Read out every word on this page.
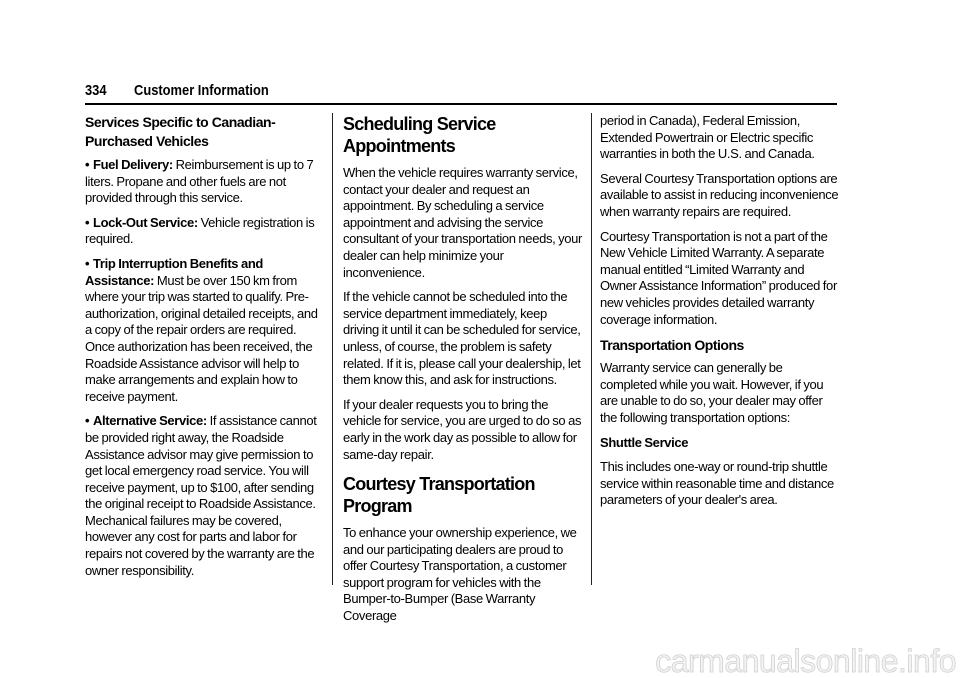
334 Customer Information
Services Specific to Canadian-Purchased Vehicles
• Fuel Delivery: Reimbursement is up to 7 liters. Propane and other fuels are not provided through this service.
• Lock-Out Service: Vehicle registration is required.
• Trip Interruption Benefits and Assistance: Must be over 150 km from where your trip was started to qualify. Pre-authorization, original detailed receipts, and a copy of the repair orders are required. Once authorization has been received, the Roadside Assistance advisor will help to make arrangements and explain how to receive payment.
• Alternative Service: If assistance cannot be provided right away, the Roadside Assistance advisor may give permission to get local emergency road service. You will receive payment, up to $100, after sending the original receipt to Roadside Assistance. Mechanical failures may be covered, however any cost for parts and labor for repairs not covered by the warranty are the owner responsibility.
Scheduling Service Appointments

When the vehicle requires warranty service, contact your dealer and request an appointment. By scheduling a service appointment and advising the service consultant of your transportation needs, your dealer can help minimize your inconvenience.

If the vehicle cannot be scheduled into the service department immediately, keep driving it until it can be scheduled for service, unless, of course, the problem is safety related. If it is, please call your dealership, let them know this, and ask for instructions.

If your dealer requests you to bring the vehicle for service, you are urged to do so as early in the work day as possible to allow for same-day repair.

Courtesy Transportation Program

To enhance your ownership experience, we and our participating dealers are proud to offer Courtesy Transportation, a customer support program for vehicles with the Bumper-to-Bumper (Base Warranty Coverage

period in Canada), Federal Emission, Extended Powertrain or Electric specific warranties in both the U.S. and Canada.

Several Courtesy Transportation options are available to assist in reducing inconvenience when warranty repairs are required.

Courtesy Transportation is not a part of the New Vehicle Limited Warranty. A separate manual entitled “Limited Warranty and Owner Assistance Information” produced for new vehicles provides detailed warranty coverage information.

Transportation Options

Warranty service can generally be completed while you wait. However, if you are unable to do so, your dealer may offer the following transportation options:

Shuttle Service

This includes one-way or round-trip shuttle service within reasonable time and distance parameters of your dealer's area.

carmanualsonline.info
